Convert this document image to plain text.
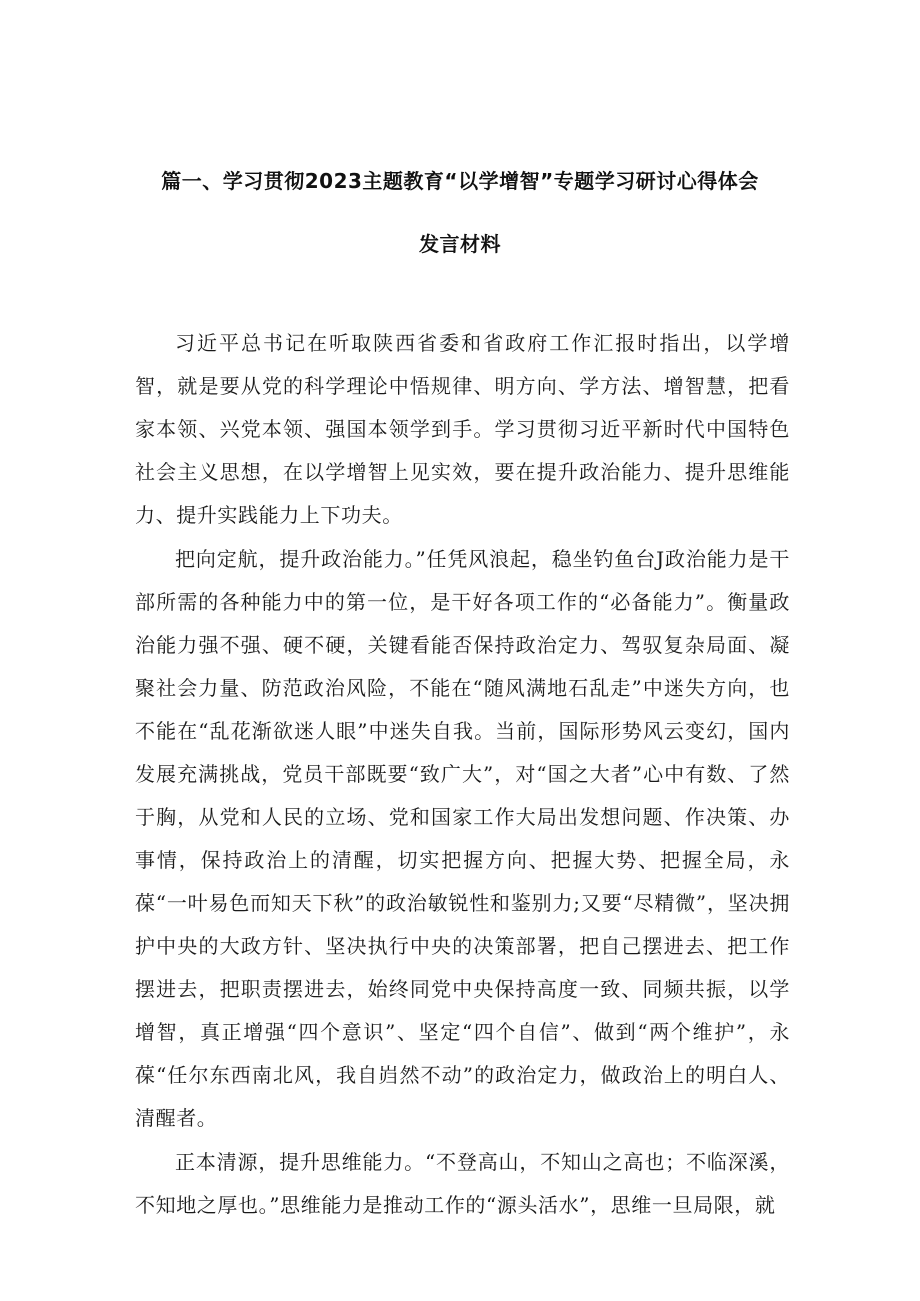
篇一、学习贯彻2023主题教育“以学增智”专题学习研讨心得体会
发言材料

习近平总书记在听取陕西省委和省政府工作汇报时指出，以学增智，就是要从党的科学理论中悟规律、明方向、学方法、增智慧，把看家本领、兴党本领、强国本领学到手。学习贯彻习近平新时代中国特色社会主义思想，在以学增智上见实效，要在提升政治能力、提升思维能力、提升实践能力上下功夫。

把向定航，提升政治能力。”任凭风浪起，稳坐钓鱼台J政治能力是干部所需的各种能力中的第一位，是干好各项工作的“必备能力”。衡量政治能力强不强、硬不硬，关键看能否保持政治定力、驾驭复杂局面、凝聚社会力量、防范政治风险，不能在“随风满地石乱走”中迷失方向，也不能在“乱花渐欲迷人眼”中迷失自我。当前，国际形势风云变幻，国内发展充满挑战，党员干部既要“致广大”，对“国之大者”心中有数、了然于胸，从党和人民的立场、党和国家工作大局出发想问题、作决策、办事情，保持政治上的清醒，切实把握方向、把握大势、把握全局，永葆“一叶易色而知天下秋”的政治敏锐性和鉴别力;又要“尽精微”，坚决拥护中央的大政方针、坚决执行中央的决策部署，把自己摆进去、把工作摆进去，把职责摆进去，始终同党中央保持高度一致、同频共振，以学增智，真正增强“四个意识”、坚定“四个自信”、做到“两个维护”，永葆“任尔东西南北风，我自岿然不动”的政治定力，做政治上的明白人、清醒者。

正本清源，提升思维能力。“不登高山，不知山之高也；不临深溪，不知地之厚也。”思维能力是推动工作的“源头活水”，思维一旦局限，就
